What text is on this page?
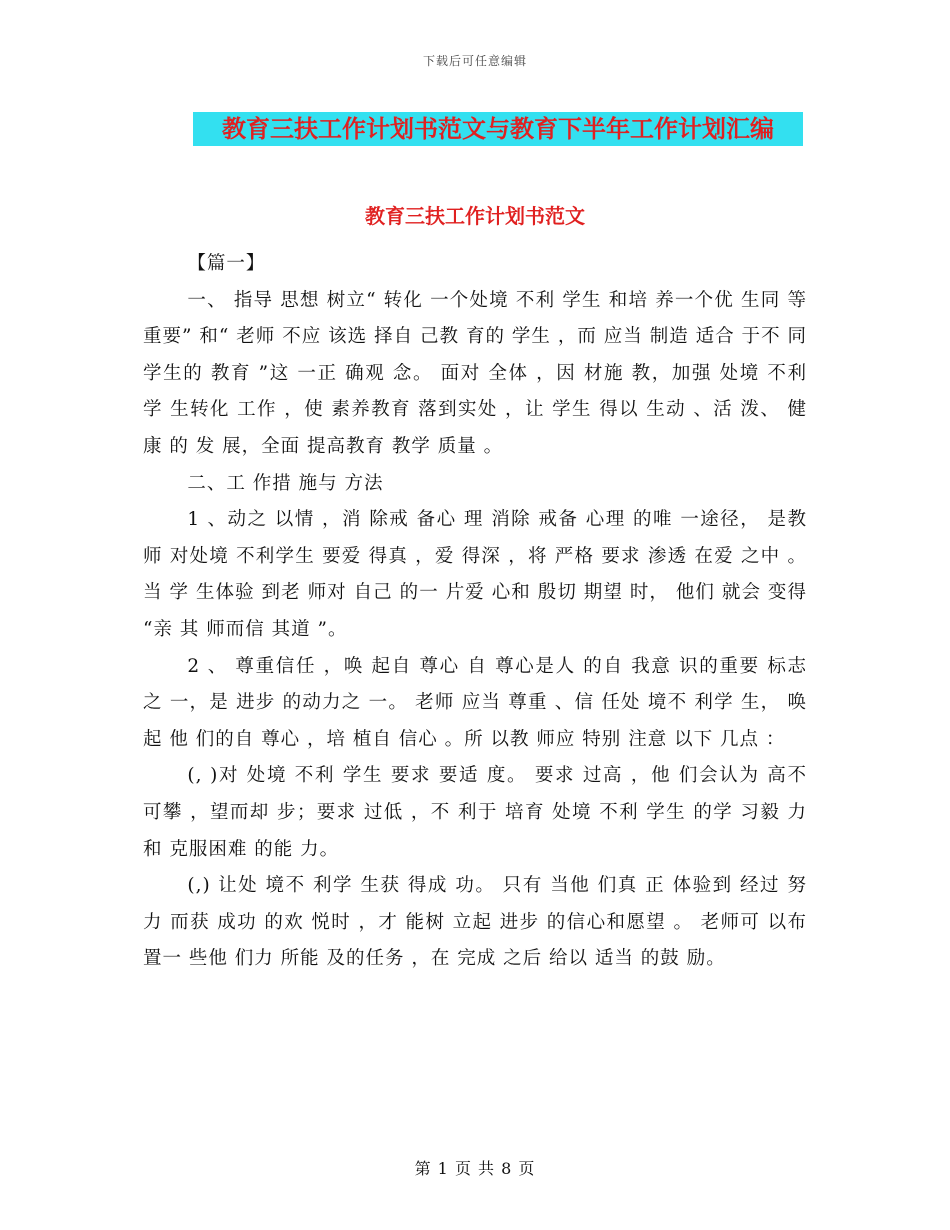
下载后可任意编辑
教育三扶工作计划书范文与教育下半年工作计划汇编
教育三扶工作计划书范文

【篇一】

一、 指导 思想 树立“ 转化 一个处境 不利 学生 和培 养一个优 生同 等 重要” 和“ 老师 不应 该选 择自 己教 育的 学生 ，而 应当 制造 适合 于不 同 学生的 教育 ”这 一正 确观 念。 面对 全体 ，因 材施 教，加强 处境 不利 学 生转化 工作 ，使 素养教育 落到实处 ，让 学生 得以 生动 、活 泼、 健康 的 发 展，全面 提高教育 教学 质量 。

二、工 作措 施与 方法

1 、动之 以情 ，消 除戒 备心 理 消除 戒备 心理 的唯 一途径， 是教 师 对处境 不利学生 要爱 得真 ，爱 得深 ，将 严格 要求 渗透 在爱 之中 。当 学 生体验 到老 师对 自己 的一 片爱 心和 殷切 期望 时， 他们 就会 变得 “亲 其 师而信 其道 ”。

2 、 尊重信任 ，唤 起自 尊心 自 尊心是人 的自 我意 识的重要 标志 之 一，是 进步 的动力之 一。 老师 应当 尊重 、信 任处 境不 利学 生， 唤起 他 们的自 尊心 ，培 植自 信心 。所 以教 师应 特别 注意 以下 几点 ：

(, )对 处境 不利 学生 要求 要适 度。 要求 过高 ，他 们会认为 高不 可攀 ，望而却 步；要求 过低 ，不 利于 培育 处境 不利 学生 的学 习毅 力和 克服困难 的能 力。

(,) 让处 境不 利学 生获 得成 功。 只有 当他 们真 正 体验到 经过 努力 而获 成功 的欢 悦时 ，才 能树 立起 进步 的信心和愿望 。 老师可 以布 置一 些他 们力 所能 及的任务 ，在 完成 之后 给以 适当 的鼓 励。

第 1 页 共 8 页
